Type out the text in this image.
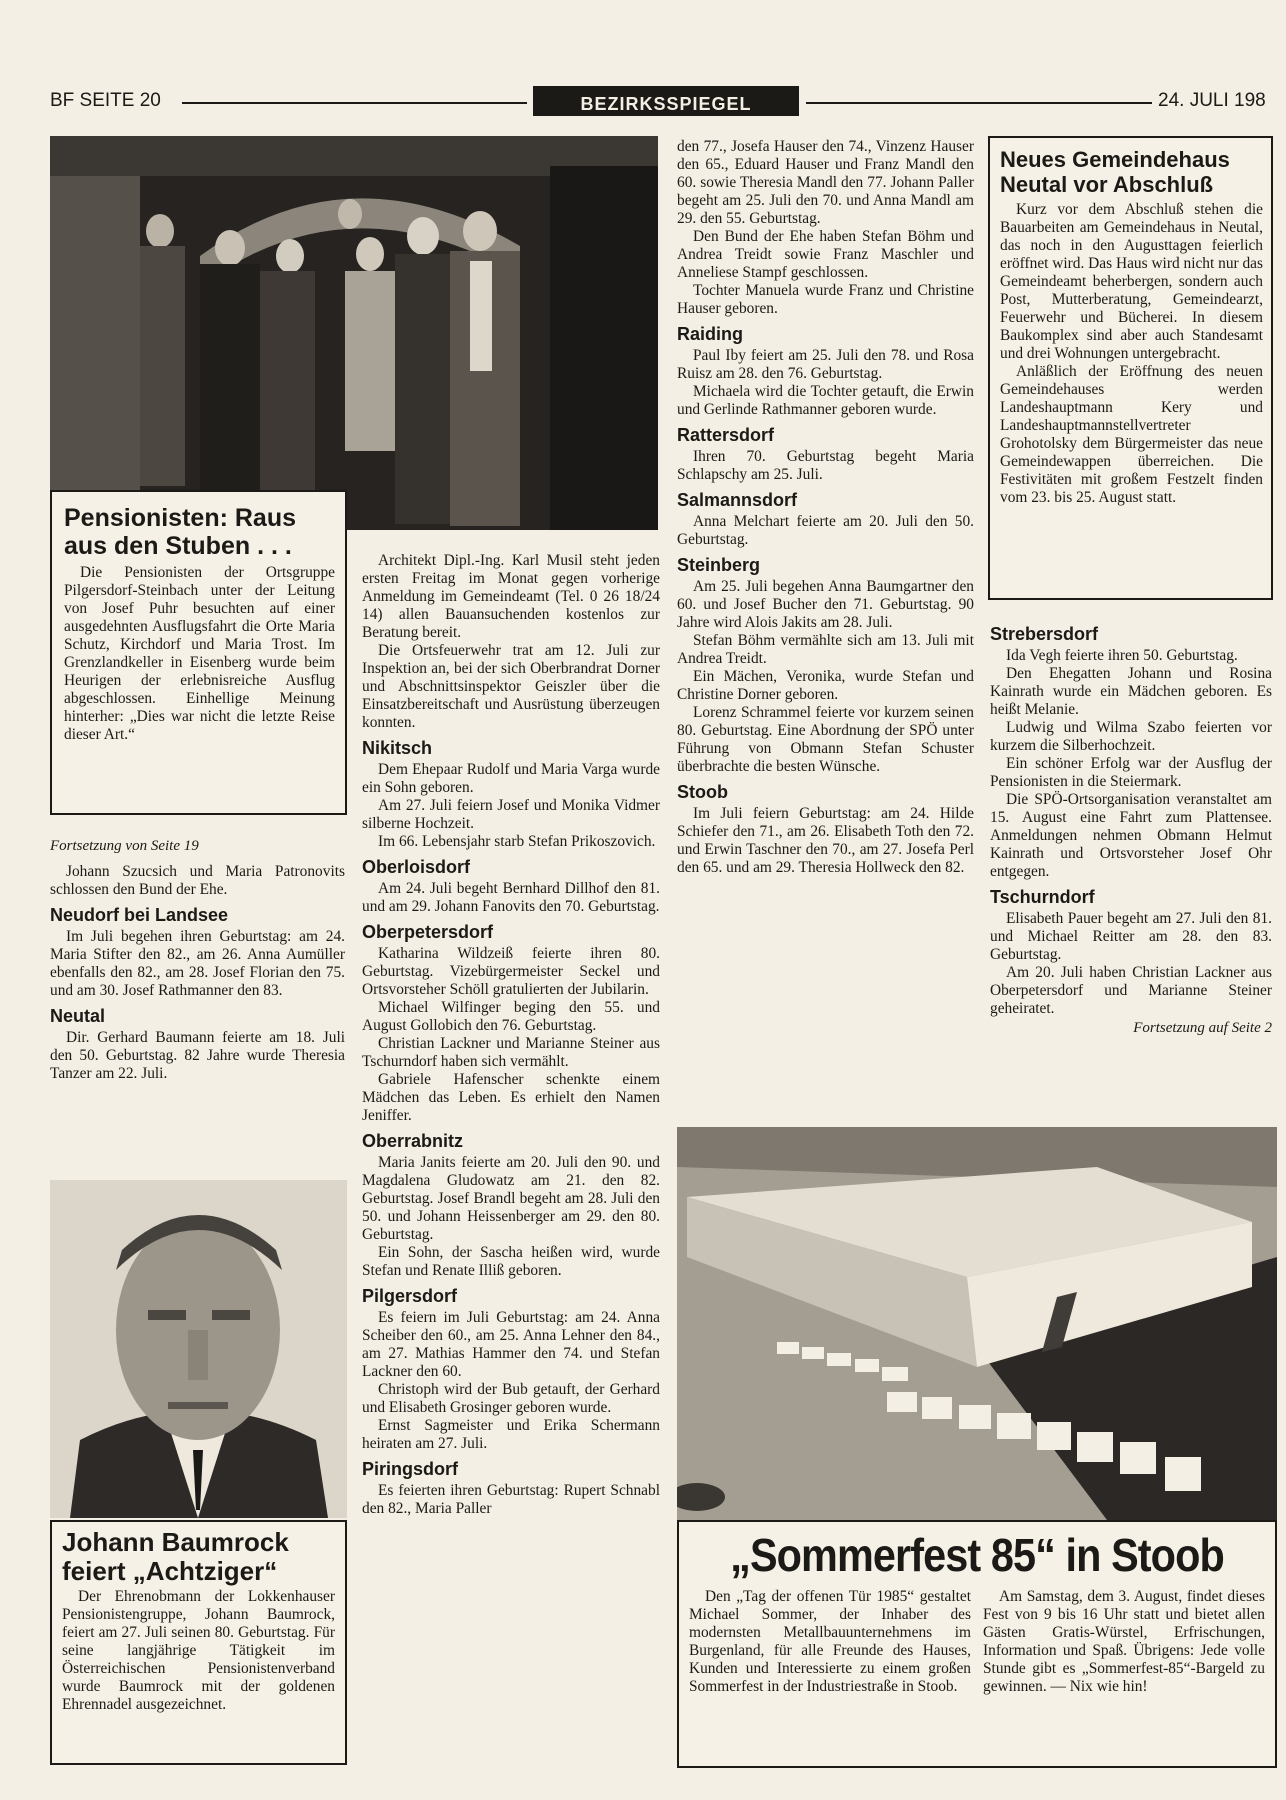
BF SEITE 20	BEZIRKSSPIEGEL	24. JULI 198
Pensionisten: Raus aus den Stuben . . .

Die Pensionisten der Ortsgruppe Pilgersdorf-Steinbach unter der Leitung von Josef Puhr besuchten auf einer ausgedehnten Ausflugsfahrt die Orte Maria Schutz, Kirchdorf und Maria Trost. Im Grenzlandkeller in Eisenberg wurde beim Heurigen der erlebnisreiche Ausflug abgeschlossen. Einhellige Meinung hinterher: „Dies war nicht die letzte Reise dieser Art.“

Fortsetzung von Seite 19

Johann Szucsich und Maria Patronovits schlossen den Bund der Ehe.

Neudorf bei Landsee

Im Juli begehen ihren Geburtstag: am 24. Maria Stifter den 82., am 26. Anna Aumüller ebenfalls den 82., am 28. Josef Florian den 75. und am 30. Josef Rathmanner den 83.

Neutal

Dir. Gerhard Baumann feierte am 18. Juli den 50. Geburtstag. 82 Jahre wurde Theresia Tanzer am 22. Juli.

Johann Baumrock feiert „Achtziger“

Der Ehrenobmann der Lokkenhauser Pensionistengruppe, Johann Baumrock, feiert am 27. Juli seinen 80. Geburtstag. Für seine langjährige Tätigkeit im Österreichischen Pensionistenverband wurde Baumrock mit der goldenen Ehrennadel ausgezeichnet.

Architekt Dipl.-Ing. Karl Musil steht jeden ersten Freitag im Monat gegen vorherige Anmeldung im Gemeindeamt (Tel. 0 26 18/24 14) allen Bauansuchenden kostenlos zur Beratung bereit.

Die Ortsfeuerwehr trat am 12. Juli zur Inspektion an, bei der sich Oberbrandrat Dorner und Abschnittsinspektor Geiszler über die Einsatzbereitschaft und Ausrüstung überzeugen konnten.

Nikitsch

Dem Ehepaar Rudolf und Maria Varga wurde ein Sohn geboren.

Am 27. Juli feiern Josef und Monika Vidmer silberne Hochzeit.

Im 66. Lebensjahr starb Stefan Prikoszovich.

Oberloisdorf

Am 24. Juli begeht Bernhard Dillhof den 81. und am 29. Johann Fanovits den 70. Geburtstag.

Oberpetersdorf

Katharina Wildzeiß feierte ihren 80. Geburtstag. Vizebürgermeister Seckel und Ortsvorsteher Schöll gratulierten der Jubilarin.

Michael Wilfinger beging den 55. und August Gollobich den 76. Geburtstag.

Christian Lackner und Marianne Steiner aus Tschurndorf haben sich vermählt.

Gabriele Hafenscher schenkte einem Mädchen das Leben. Es erhielt den Namen Jeniffer.

Oberrabnitz

Maria Janits feierte am 20. Juli den 90. und Magdalena Gludowatz am 21. den 82. Geburtstag. Josef Brandl begeht am 28. Juli den 50. und Johann Heissenberger am 29. den 80. Geburtstag.

Ein Sohn, der Sascha heißen wird, wurde Stefan und Renate Illiß geboren.

Pilgersdorf

Es feiern im Juli Geburtstag: am 24. Anna Scheiber den 60., am 25. Anna Lehner den 84., am 27. Mathias Hammer den 74. und Stefan Lackner den 60.

Christoph wird der Bub getauft, der Gerhard und Elisabeth Grosinger geboren wurde.

Ernst Sagmeister und Erika Schermann heiraten am 27. Juli.

Piringsdorf

Es feierten ihren Geburtstag: Rupert Schnabl den 82., Maria Paller

den 77., Josefa Hauser den 74., Vinzenz Hauser den 65., Eduard Hauser und Franz Mandl den 60. sowie Theresia Mandl den 77. Johann Paller begeht am 25. Juli den 70. und Anna Mandl am 29. den 55. Geburtstag.

Den Bund der Ehe haben Stefan Böhm und Andrea Treidt sowie Franz Maschler und Anneliese Stampf geschlossen.

Tochter Manuela wurde Franz und Christine Hauser geboren.

Raiding

Paul Iby feiert am 25. Juli den 78. und Rosa Ruisz am 28. den 76. Geburtstag.

Michaela wird die Tochter getauft, die Erwin und Gerlinde Rathmanner geboren wurde.

Rattersdorf

Ihren 70. Geburtstag begeht Maria Schlapschy am 25. Juli.

Salmannsdorf

Anna Melchart feierte am 20. Juli den 50. Geburtstag.

Steinberg

Am 25. Juli begehen Anna Baumgartner den 60. und Josef Bucher den 71. Geburtstag. 90 Jahre wird Alois Jakits am 28. Juli.

Stefan Böhm vermählte sich am 13. Juli mit Andrea Treidt.

Ein Mächen, Veronika, wurde Stefan und Christine Dorner geboren.

Lorenz Schrammel feierte vor kurzem seinen 80. Geburtstag. Eine Abordnung der SPÖ unter Führung von Obmann Stefan Schuster überbrachte die besten Wünsche.

Stoob

Im Juli feiern Geburtstag: am 24. Hilde Schiefer den 71., am 26. Elisabeth Toth den 72. und Erwin Taschner den 70., am 27. Josefa Perl den 65. und am 29. Theresia Hollweck den 82.

Neues Gemeindehaus Neutal vor Abschluß

Kurz vor dem Abschluß stehen die Bauarbeiten am Gemeindehaus in Neutal, das noch in den Augusttagen feierlich eröffnet wird. Das Haus wird nicht nur das Gemeindeamt beherbergen, sondern auch Post, Mutterberatung, Gemeindearzt, Feuerwehr und Bücherei. In diesem Baukomplex sind aber auch Standesamt und drei Wohnungen untergebracht.

Anläßlich der Eröffnung des neuen Gemeindehauses werden Landeshauptmann Kery und Landeshauptmannstellvertreter Grohotolsky dem Bürgermeister das neue Gemeindewappen überreichen. Die Festivitäten mit großem Festzelt finden vom 23. bis 25. August statt.

Strebersdorf

Ida Vegh feierte ihren 50. Geburtstag.

Den Ehegatten Johann und Rosina Kainrath wurde ein Mädchen geboren. Es heißt Melanie.

Ludwig und Wilma Szabo feierten vor kurzem die Silberhochzeit.

Ein schöner Erfolg war der Ausflug der Pensionisten in die Steiermark.

Die SPÖ-Ortsorganisation veranstaltet am 15. August eine Fahrt zum Plattensee. Anmeldungen nehmen Obmann Helmut Kainrath und Ortsvorsteher Josef Ohr entgegen.

Tschurndorf

Elisabeth Pauer begeht am 27. Juli den 81. und Michael Reitter am 28. den 83. Geburtstag.

Am 20. Juli haben Christian Lackner aus Oberpetersdorf und Marianne Steiner geheiratet.

Fortsetzung auf Seite 2
„Sommerfest 85“ in Stoob

Den „Tag der offenen Tür 1985“ gestaltet Michael Sommer, der Inhaber des modernsten Metallbauunternehmens im Burgenland, für alle Freunde des Hauses, Kunden und Interessierte zu einem großen Sommerfest in der Industriestraße in Stoob.

Am Samstag, dem 3. August, findet dieses Fest von 9 bis 16 Uhr statt und bietet allen Gästen Gratis-Würstel, Erfrischungen, Information und Spaß. Übrigens: Jede volle Stunde gibt es „Sommerfest-85“-Bargeld zu gewinnen. — Nix wie hin!
